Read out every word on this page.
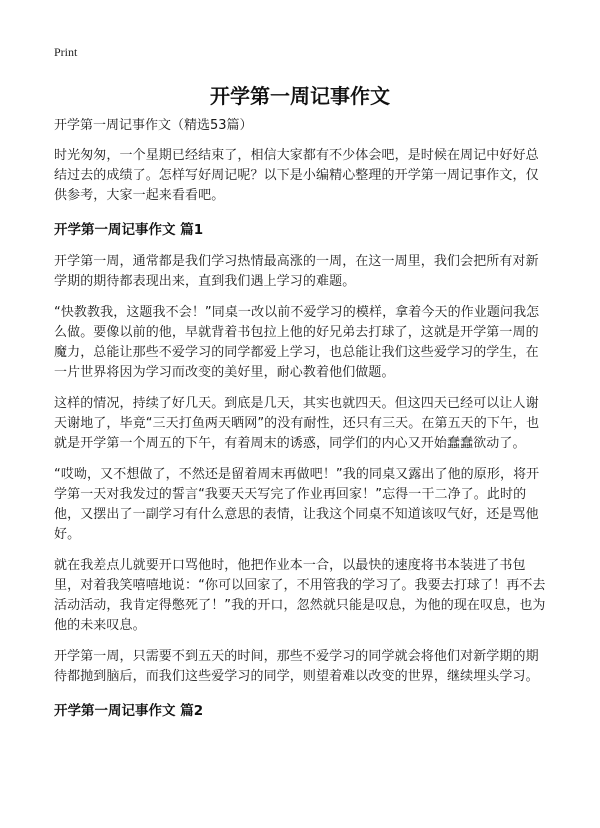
Print
开学第一周记事作文
开学第一周记事作文（精选53篇）

时光匆匆，一个星期已经结束了，相信大家都有不少体会吧，是时候在周记中好好总结过去的成绩了。怎样写好周记呢？以下是小编精心整理的开学第一周记事作文，仅供参考，大家一起来看看吧。

开学第一周记事作文 篇1

开学第一周，通常都是我们学习热情最高涨的一周，在这一周里，我们会把所有对新学期的期待都表现出来，直到我们遇上学习的难题。

“快教教我，这题我不会！”同桌一改以前不爱学习的模样，拿着今天的作业题问我怎么做。要像以前的他，早就背着书包拉上他的好兄弟去打球了，这就是开学第一周的魔力，总能让那些不爱学习的同学都爱上学习，也总能让我们这些爱学习的学生，在一片世界将因为学习而改变的美好里，耐心教着他们做题。

这样的情况，持续了好几天。到底是几天，其实也就四天。但这四天已经可以让人谢天谢地了，毕竟“三天打鱼两天晒网”的没有耐性，还只有三天。在第五天的下午，也就是开学第一个周五的下午，有着周末的诱惑，同学们的内心又开始蠢蠢欲动了。

“哎呦，又不想做了，不然还是留着周末再做吧！”我的同桌又露出了他的原形，将开学第一天对我发过的誓言“我要天天写完了作业再回家！”忘得一干二净了。此时的他，又摆出了一副学习有什么意思的表情，让我这个同桌不知道该叹气好，还是骂他好。

就在我差点儿就要开口骂他时，他把作业本一合，以最快的速度将书本装进了书包里，对着我笑嘻嘻地说：“你可以回家了，不用管我的学习了。我要去打球了！再不去活动活动，我肯定得憋死了！”我的开口，忽然就只能是叹息，为他的现在叹息，也为他的未来叹息。

开学第一周，只需要不到五天的时间，那些不爱学习的同学就会将他们对新学期的期待都抛到脑后，而我们这些爱学习的同学，则望着难以改变的世界，继续埋头学习。

开学第一周记事作文 篇2
